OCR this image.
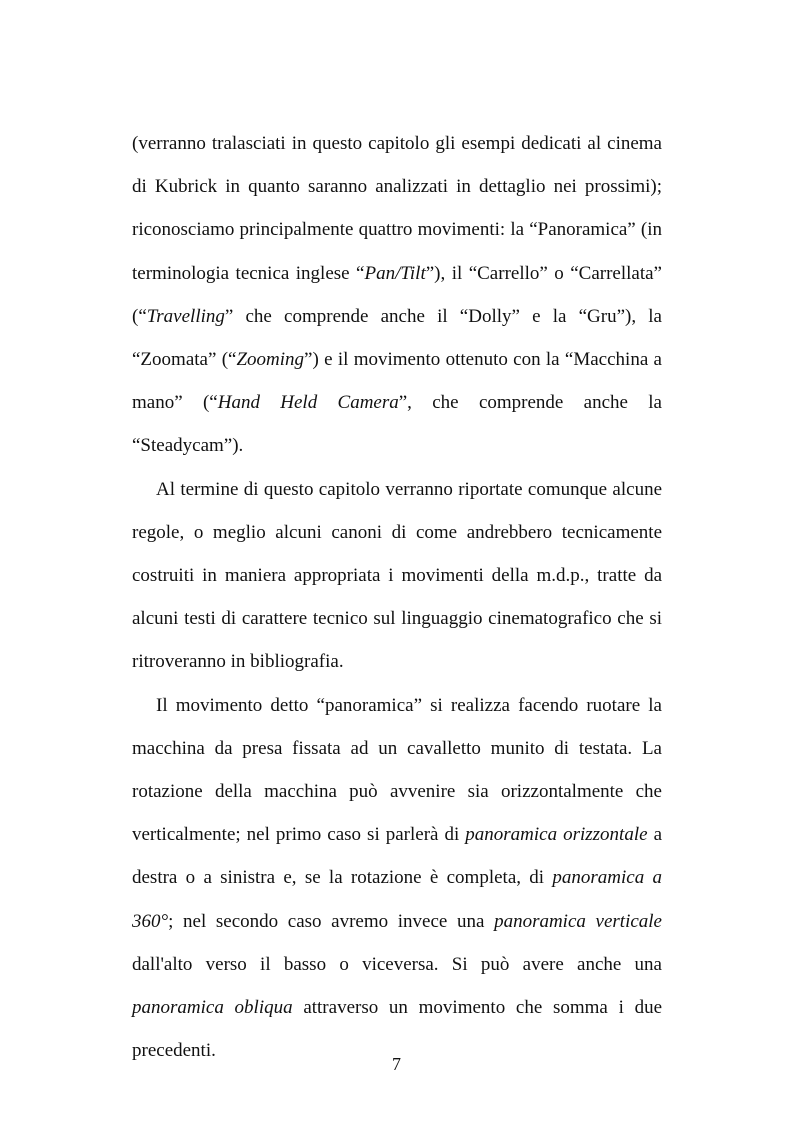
(verranno tralasciati in questo capitolo gli esempi dedicati al cinema di Kubrick in quanto saranno analizzati in dettaglio nei prossimi); riconosciamo principalmente quattro movimenti: la “Panoramica” (in terminologia tecnica inglese “Pan/Tilt”), il “Carrello” o “Carrellata” (“Travelling” che comprende anche il “Dolly” e la “Gru”), la “Zoomata” (“Zooming”) e il movimento ottenuto con la “Macchina a mano” (“Hand Held Camera”, che comprende anche la “Steadycam”).

Al termine di questo capitolo verranno riportate comunque alcune regole, o meglio alcuni canoni di come andrebbero tecnicamente costruiti in maniera appropriata i movimenti della m.d.p., tratte da alcuni testi di carattere tecnico sul linguaggio cinematografico che si ritroveranno in bibliografia.

Il movimento detto “panoramica” si realizza facendo ruotare la macchina da presa fissata ad un cavalletto munito di testata. La rotazione della macchina può avvenire sia orizzontalmente che verticalmente; nel primo caso si parlerà di panoramica orizzontale a destra o a sinistra e, se la rotazione è completa, di panoramica a 360°; nel secondo caso avremo invece una panoramica verticale dall'alto verso il basso o viceversa. Si può avere anche una panoramica obliqua attraverso un movimento che somma i due precedenti.

7
